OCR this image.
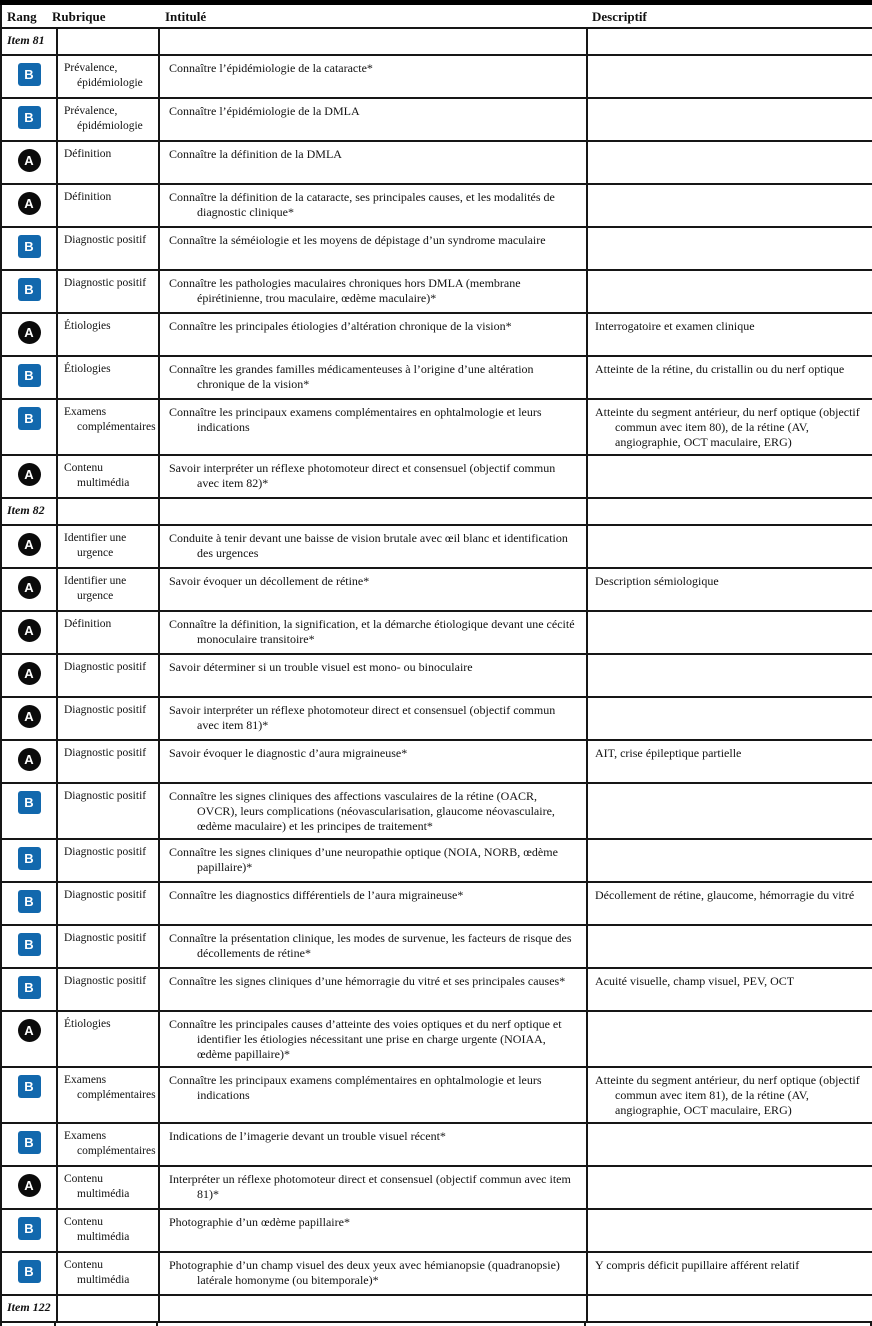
Rang Rubrique Intitulé Descriptif			

Item 81			

B	Prévalence, épidémiologie	Connaître l’épidémiologie de la cataracte*	

B	Prévalence, épidémiologie	Connaître l’épidémiologie de la DMLA	

A	Définition	Connaître la définition de la DMLA	

A	Définition	Connaître la définition de la cataracte, ses principales causes, et les modalités de diagnostic clinique*	

B	Diagnostic positif	Connaître la séméiologie et les moyens de dépistage d’un syndrome maculaire	

B	Diagnostic positif	Connaître les pathologies maculaires chroniques hors DMLA (membrane épirétinienne, trou maculaire, œdème maculaire)*	

A	Étiologies	Connaître les principales étiologies d’altération chronique de la vision*	Interrogatoire et examen clinique

B	Étiologies	Connaître les grandes familles médicamenteuses à l’origine d’une altération chronique de la vision*	Atteinte de la rétine, du cristallin ou du nerf optique

B	Examens complémentaires	Connaître les principaux examens complémentaires en ophtalmologie et leurs indications	Atteinte du segment antérieur, du nerf optique (objectif commun avec item 80), de la rétine (AV, angiographie, OCT maculaire, ERG)

A	Contenu multimédia	Savoir interpréter un réflexe photomoteur direct et consensuel (objectif commun avec item 82)*	

Item 82			

A	Identifier une urgence	Conduite à tenir devant une baisse de vision brutale avec œil blanc et identification des urgences	

A	Identifier une urgence	Savoir évoquer un décollement de rétine*	Description sémiologique

A	Définition	Connaître la définition, la signification, et la démarche étiologique devant une cécité monoculaire transitoire*	

A	Diagnostic positif	Savoir déterminer si un trouble visuel est mono- ou binoculaire	

A	Diagnostic positif	Savoir interpréter un réflexe photomoteur direct et consensuel (objectif commun avec item 81)*	

A	Diagnostic positif	Savoir évoquer le diagnostic d’aura migraineuse*	AIT, crise épileptique partielle

B	Diagnostic positif	Connaître les signes cliniques des affections vasculaires de la rétine (OACR, OVCR), leurs complications (néovascularisation, glaucome néovasculaire, œdème maculaire) et les principes de traitement*	

B	Diagnostic positif	Connaître les signes cliniques d’une neuropathie optique (NOIA, NORB, œdème papillaire)*	

B	Diagnostic positif	Connaître les diagnostics différentiels de l’aura migraineuse*	Décollement de rétine, glaucome, hémorragie du vitré

B	Diagnostic positif	Connaître la présentation clinique, les modes de survenue, les facteurs de risque des décollements de rétine*	

B	Diagnostic positif	Connaître les signes cliniques d’une hémorragie du vitré et ses principales causes*	Acuité visuelle, champ visuel, PEV, OCT

A	Étiologies	Connaître les principales causes d’atteinte des voies optiques et du nerf optique et identifier les étiologies nécessitant une prise en charge urgente (NOIAA, œdème papillaire)*	

B	Examens complémentaires	Connaître les principaux examens complémentaires en ophtalmologie et leurs indications	Atteinte du segment antérieur, du nerf optique (objectif commun avec item 81), de la rétine (AV, angiographie, OCT maculaire, ERG)

B	Examens complémentaires	Indications de l’imagerie devant un trouble visuel récent*	

A	Contenu multimédia	Interpréter un réflexe photomoteur direct et consensuel (objectif commun avec item 81)*	

B	Contenu multimédia	Photographie d’un œdème papillaire*	

B	Contenu multimédia	Photographie d’un champ visuel des deux yeux avec hémianopsie (quadranopsie) latérale homonyme (ou bitemporale)*	Y compris déficit pupillaire afférent relatif

Item 122			
